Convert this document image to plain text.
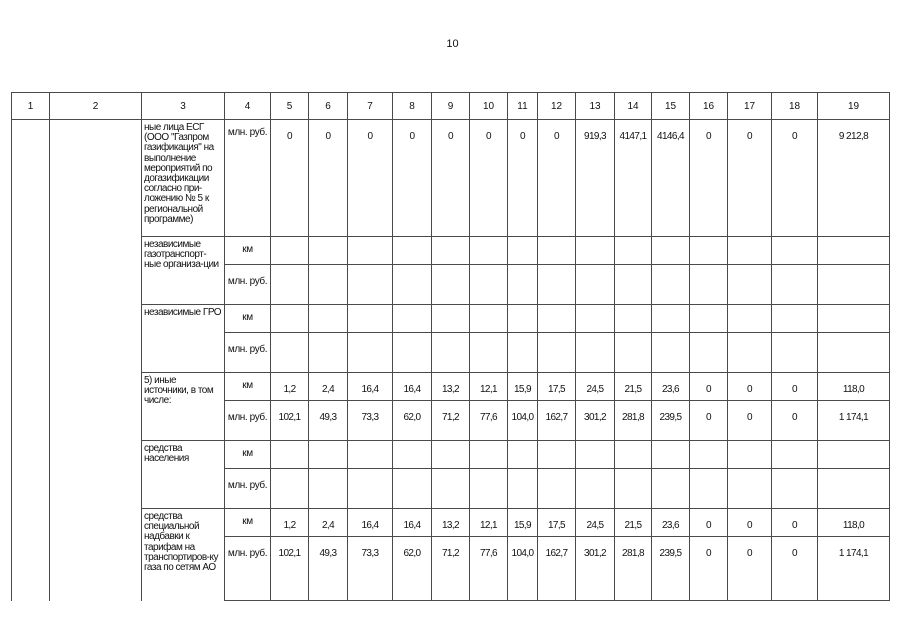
10
1	2	3	4	5	6	7	8	9	10	11	12	13	14	15	16	17	18	19
		ные лица ЕСГ (ООО "Газпром газификация" на выполнение мероприятий по догазификации согласно при-ложению № 5 к региональной программе)	млн. руб.	0	0	0	0	0	0	0	0	919,3	4147,1	4146,4	0	0	0	9 212,8
		независимые газотранспорт-ные организа-ции	км															
			млн. руб.															
		независимые ГРО	км															
			млн. руб.															
		5) иные источники, в том числе:	км	1,2	2,4	16,4	16,4	13,2	12,1	15,9	17,5	24,5	21,5	23,6	0	0	0	118,0
			млн. руб.	102,1	49,3	73,3	62,0	71,2	77,6	104,0	162,7	301,2	281,8	239,5	0	0	0	1 174,1
		средства населения	км															
			млн. руб.															
		средства специальной надбавки к тарифам на транспортиров-ку газа по сетям АО	км	1,2	2,4	16,4	16,4	13,2	12,1	15,9	17,5	24,5	21,5	23,6	0	0	0	118,0
			млн. руб.	102,1	49,3	73,3	62,0	71,2	77,6	104,0	162,7	301,2	281,8	239,5	0	0	0	1 174,1
